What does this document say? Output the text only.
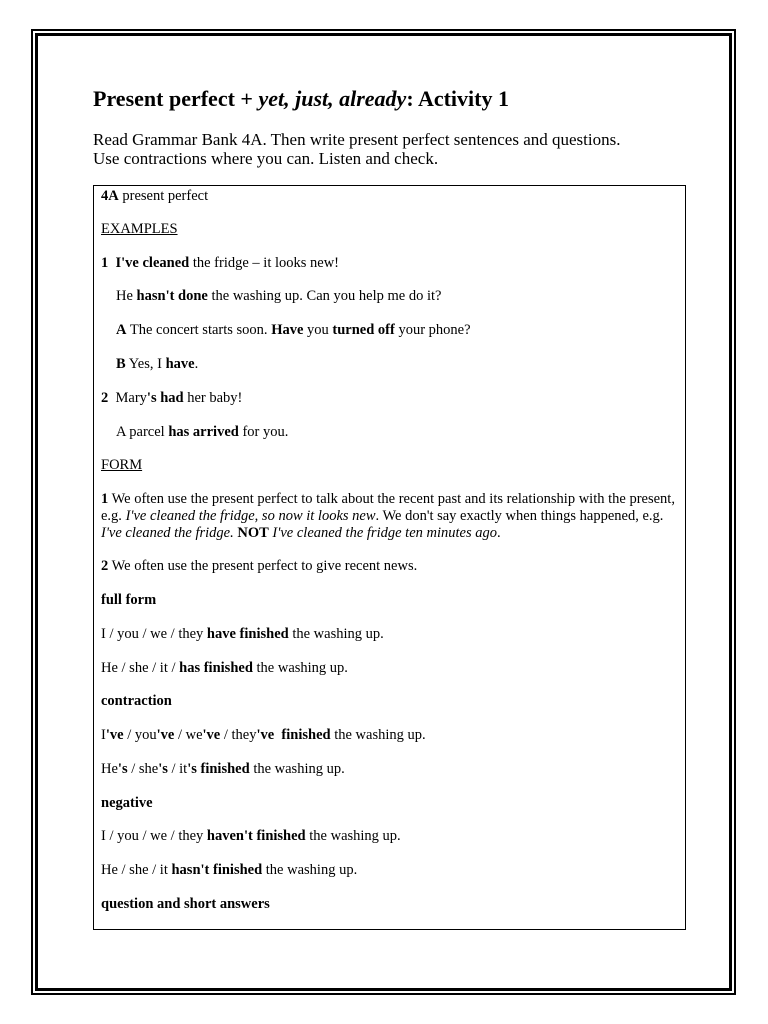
Present perfect + yet, just, already: Activity 1
Read Grammar Bank 4A. Then write present perfect sentences and questions.
Use contractions where you can. Listen and check.

4A present perfect

EXAMPLES

1 I've cleaned the fridge – it looks new!

He hasn't done the washing up. Can you help me do it?

A The concert starts soon. Have you turned off your phone?

B Yes, I have.

2 Mary's had her baby!

A parcel has arrived for you.

FORM

1 We often use the present perfect to talk about the recent past and its relationship with the present, e.g. I've cleaned the fridge, so now it looks new. We don't say exactly when things happened, e.g. I've cleaned the fridge. NOT I've cleaned the fridge ten minutes ago.

2 We often use the present perfect to give recent news.

full form

I / you / we / they have finished the washing up.

He / she / it / has finished the washing up.

contraction

I've / you've / we've / they've  finished the washing up.

He's / she's / it's finished the washing up.

negative

I / you / we / they haven't finished the washing up.

He / she / it hasn't finished the washing up.

question and short answers
